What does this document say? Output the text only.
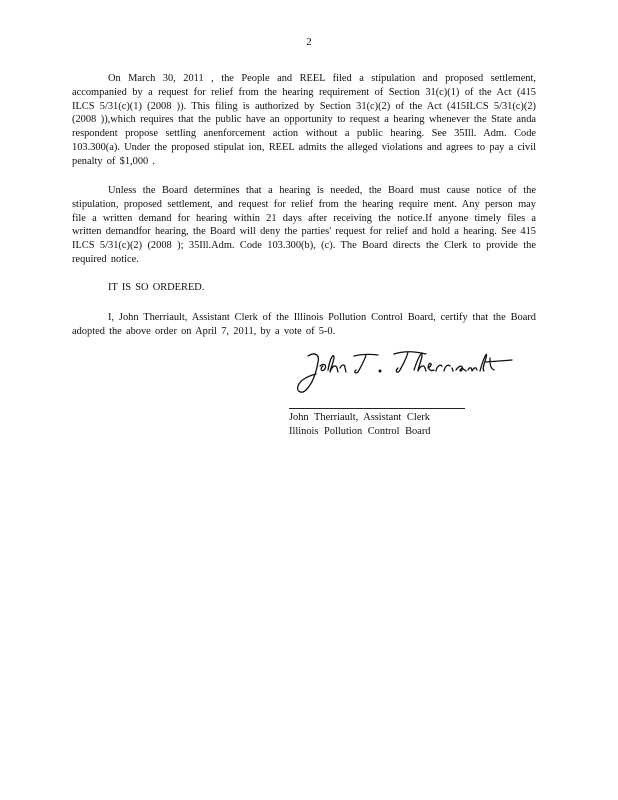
2

On March 30, 2011 , the People and REEL filed a stipulation and proposed settlement, accompanied by a request for relief from the hearing requirement of Section 31(c)(1) of the Act (415 ILCS 5/31(c)(1) (2008 )). This filing is authorized by Section 31(c)(2) of the Act (415ILCS 5/31(c)(2) (2008 )),which requires that the public have an opportunity to request a hearing whenever the State anda respondent propose settling anenforcement action without a public hearing. See 35Ill. Adm. Code 103.300(a). Under the proposed stipulat ion, REEL admits the alleged violations and agrees to pay a civil penalty of $1,000 .

Unless the Board determines that a hearing is needed, the Board must cause notice of the stipulation, proposed settlement, and request for relief from the hearing require ment. Any person may file a written demand for hearing within 21 days after receiving the notice.If anyone timely files a written demandfor hearing, the Board will deny the parties' request for relief and hold a hearing. See 415 ILCS 5/31(c)(2) (2008 ); 35Ill.Adm. Code 103.300(b), (c). The Board directs the Clerk to provide the required notice.

IT IS SO ORDERED.

I, John Therriault, Assistant Clerk of the Illinois Pollution Control Board, certify that the Board adopted the above order on April 7, 2011, by a vote of 5-0.

John Therriault, Assistant Clerk
Illinois Pollution Control Board
